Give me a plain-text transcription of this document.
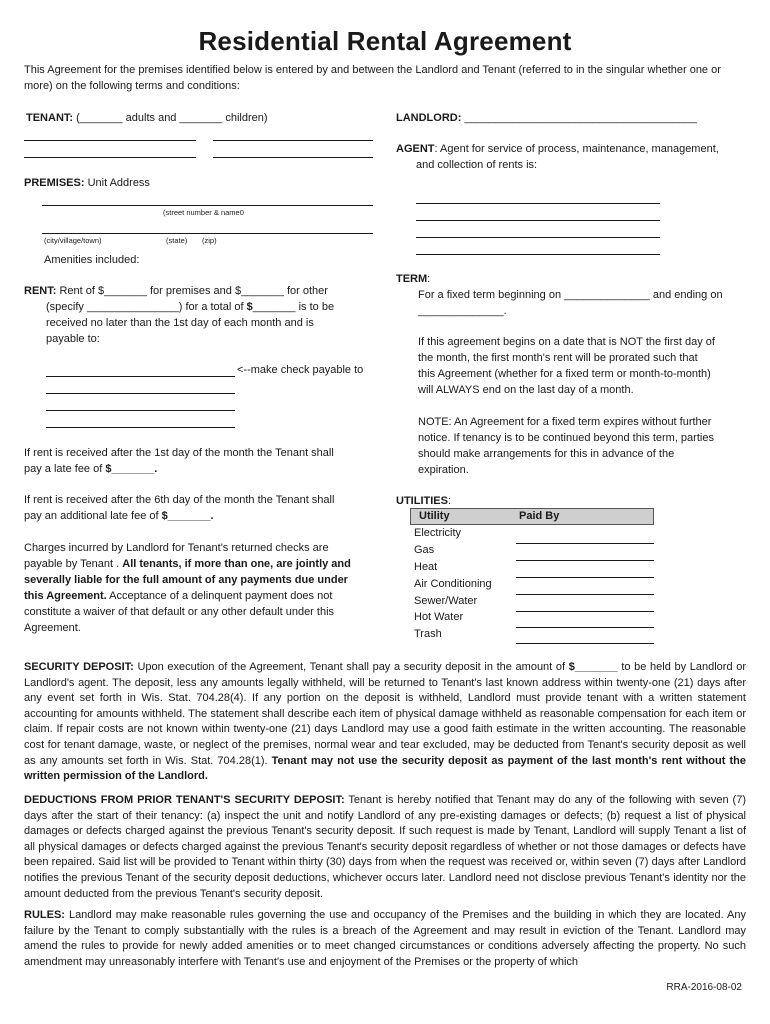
Residential Rental Agreement
This Agreement for the premises identified below is entered by and between the Landlord and Tenant (referred to in the singular whether one or more) on the following terms and conditions:
TENANT: (_______ adults and _______ children)
PREMISES: Unit Address
(street number & name0
(city/village/town)	(state) (zip)
Amenities included:
RENT: Rent of $_______ for premises and $_______ for other
(specify _______________) for a total of $_______ is to be
received no later than the 1st day of each month and is
payable to:
<--make check payable to
If rent is received after the 1st day of the month the Tenant shall
pay a late fee of $_______.
If rent is received after the 6th day of the month the Tenant shall
pay an additional late fee of $_______.
Charges incurred by Landlord for Tenant's returned checks are
payable by Tenant . All tenants, if more than one, are jointly and
severally liable for the full amount of any payments due under
this Agreement. Acceptance of a delinquent payment does not
constitute a waiver of that default or any other default under this
Agreement.
LANDLORD: ______________________________________
AGENT: Agent for service of process, maintenance, management,
and collection of rents is:
TERM:
For a fixed term beginning on ______________ and ending on
______________.
If this agreement begins on a date that is NOT the first day of
the month, the first month's rent will be prorated such that
this Agreement (whether for a fixed term or month-to-month)
will ALWAYS end on the last day of a month.
NOTE: An Agreement for a fixed term expires without further
notice. If tenancy is to be continued beyond this term, parties
should make arrangements for this in advance of the
expiration.
UTILITIES:
Utility	Paid By
Electricity
Gas
Heat
Air Conditioning
Sewer/Water
Hot Water
Trash
SECURITY DEPOSIT: Upon execution of the Agreement, Tenant shall pay a security deposit in the amount of $_______ to be held by Landlord or Landlord's agent. The deposit, less any amounts legally withheld, will be returned to Tenant's last known address within twenty-one (21) days after any event set forth in Wis. Stat. 704.28(4). If any portion on the deposit is withheld, Landlord must provide tenant with a written statement accounting for amounts withheld. The statement shall describe each item of physical damage withheld as reasonable compensation for each item or claim. If repair costs are not known within twenty-one (21) days Landlord may use a good faith estimate in the written accounting. The reasonable cost for tenant damage, waste, or neglect of the premises, normal wear and tear excluded, may be deducted from Tenant's security deposit as well as any amounts set forth in Wis. Stat. 704.28(1). Tenant may not use the security deposit as payment of the last month's rent without the written permission of the Landlord.
DEDUCTIONS FROM PRIOR TENANT'S SECURITY DEPOSIT: Tenant is hereby notified that Tenant may do any of the following with seven (7) days after the start of their tenancy: (a) inspect the unit and notify Landlord of any pre-existing damages or defects; (b) request a list of physical damages or defects charged against the previous Tenant's security deposit. If such request is made by Tenant, Landlord will supply Tenant a list of all physical damages or defects charged against the previous Tenant's security deposit regardless of whether or not those damages or defects have been repaired. Said list will be provided to Tenant within thirty (30) days from when the request was received or, within seven (7) days after Landlord notifies the previous Tenant of the security deposit deductions, whichever occurs later. Landlord need not disclose previous Tenant's identity nor the amount deducted from the previous Tenant's security deposit.
RULES: Landlord may make reasonable rules governing the use and occupancy of the Premises and the building in which they are located. Any failure by the Tenant to comply substantially with the rules is a breach of the Agreement and may result in eviction of the Tenant. Landlord may amend the rules to provide for newly added amenities or to meet changed circumstances or conditions adversely affecting the property. No such amendment may unreasonably interfere with Tenant's use and enjoyment of the Premises or the property of which
RRA-2016-08-02
